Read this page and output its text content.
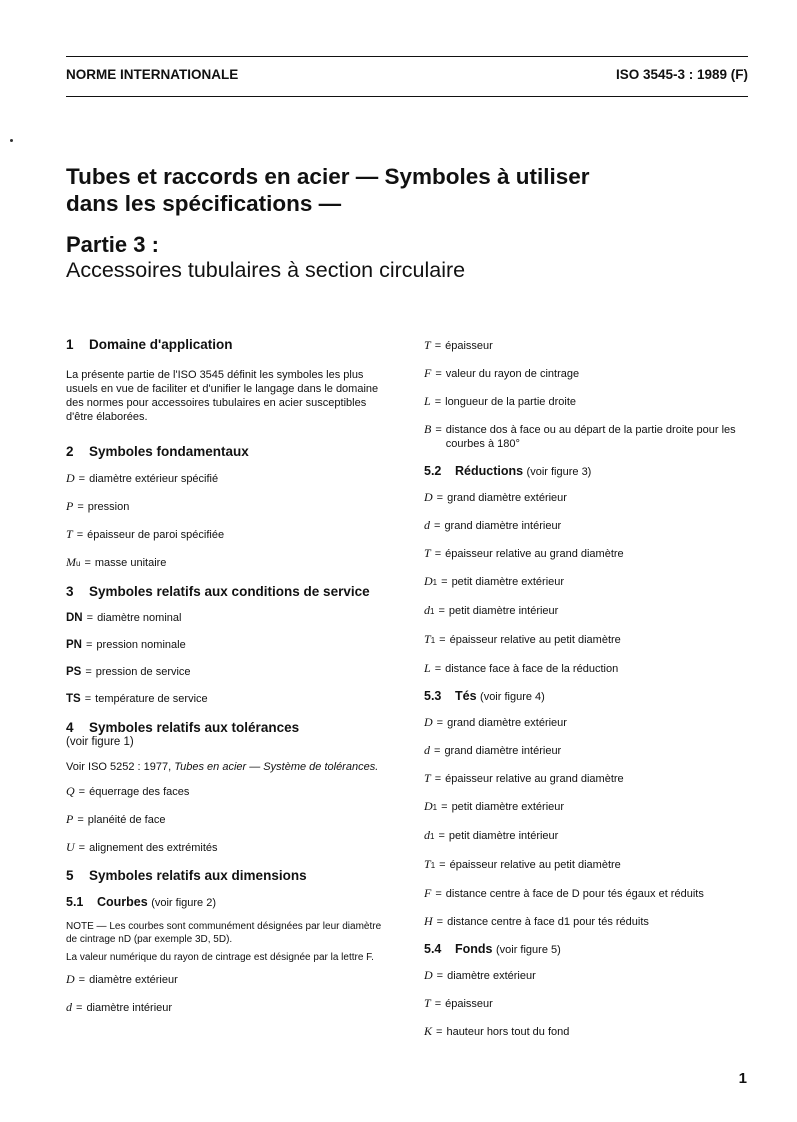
NORME INTERNATIONALE	ISO 3545-3 : 1989 (F)
Tubes et raccords en acier — Symboles à utiliser
dans les spécifications —
Partie 3 :
Accessoires tubulaires à section circulaire

1 Domaine d'application

La présente partie de l'ISO 3545 définit les symboles les plus usuels en vue de faciliter et d'unifier le langage dans le domaine des normes pour accessoires tubulaires en acier susceptibles d'être élaborées.

2 Symboles fondamentaux

D = diamètre extérieur spécifié

P = pression

T = épaisseur de paroi spécifiée

M u = masse unitaire

3 Symboles relatifs aux conditions de service

DN = diamètre nominal

PN = pression nominale

PS = pression de service

TS = température de service

4 Symboles relatifs aux tolérances

(voir figure 1)

Voir ISO 5252 : 1977, Tubes en acier — Système de tolérances.

Q = équerrage des faces

P = planéité de face

U = alignement des extrémités

5 Symboles relatifs aux dimensions

5.1 Courbes (voir figure 2)

NOTE — Les courbes sont communément désignées par leur diamètre de cintrage nD (par exemple 3D, 5D).

La valeur numérique du rayon de cintrage est désignée par la lettre F.

D = diamètre extérieur

d = diamètre intérieur

T = épaisseur

F = valeur du rayon de cintrage

L = longueur de la partie droite

B = distance dos à face ou au départ de la partie droite pour les courbes à 180°

5.2 Réductions (voir figure 3)

D = grand diamètre extérieur

d = grand diamètre intérieur

T = épaisseur relative au grand diamètre

D 1 = petit diamètre extérieur

d 1 = petit diamètre intérieur

T 1 = épaisseur relative au petit diamètre

L = distance face à face de la réduction

5.3 Tés (voir figure 4)

D = grand diamètre extérieur

d = grand diamètre intérieur

T = épaisseur relative au grand diamètre

D 1 = petit diamètre extérieur

d 1 = petit diamètre intérieur

T 1 = épaisseur relative au petit diamètre

F = distance centre à face de D pour tés égaux et réduits

H = distance centre à face d1 pour tés réduits

5.4 Fonds (voir figure 5)

D = diamètre extérieur

T = épaisseur

K = hauteur hors tout du fond

1
